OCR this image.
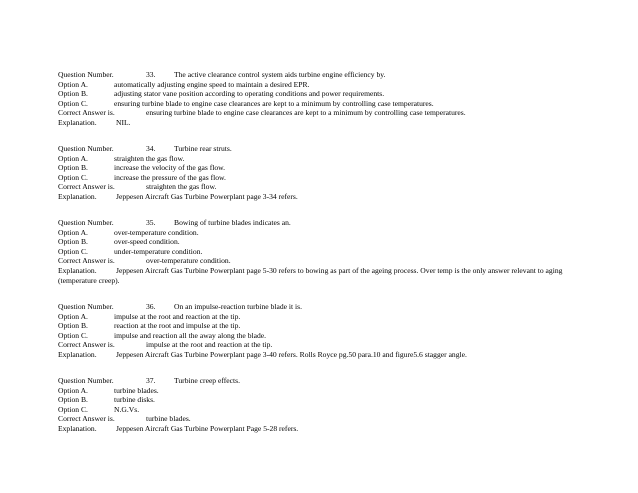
Question Number.	33. The active clearance control system aids turbine engine efficiency by.
Option A.	automatically adjusting engine speed to maintain a desired EPR.
Option B.	adjusting stator vane position according to operating conditions and power requirements.
Option C.	ensuring turbine blade to engine case clearances are kept to a minimum by controlling case temperatures.
Correct Answer is.	ensuring turbine blade to engine case clearances are kept to a minimum by controlling case temperatures.
Explanation.	NIL.
Question Number.	34. Turbine rear struts.
Option A.	straighten the gas flow.
Option B.	increase the velocity of the gas flow.
Option C.	increase the pressure of the gas flow.
Correct Answer is.	straighten the gas flow.
Explanation.	Jeppesen Aircraft Gas Turbine Powerplant page 3-34 refers.
Question Number.	35. Bowing of turbine blades indicates an.
Option A.	over-temperature condition.
Option B.	over-speed condition.
Option C.	under-temperature condition.
Correct Answer is.	over-temperature condition.
Explanation.	Jeppesen Aircraft Gas Turbine Powerplant page 5-30 refers to bowing as part of the ageing process. Over temp is the only answer relevant to aging (temperature creep).
Question Number.	36. On an impulse-reaction turbine blade it is.
Option A.	impulse at the root and reaction at the tip.
Option B.	reaction at the root and impulse at the tip.
Option C.	impulse and reaction all the away along the blade.
Correct Answer is.	impulse at the root and reaction at the tip.
Explanation.	Jeppesen Aircraft Gas Turbine Powerplant page 3-40 refers. Rolls Royce pg.50 para.10 and figure5.6 stagger angle.
Question Number.	37. Turbine creep effects.
Option A.	turbine blades.
Option B.	turbine disks.
Option C.	N.G.Vs.
Correct Answer is.	turbine blades.
Explanation.	Jeppesen Aircraft Gas Turbine Powerplant Page 5-28 refers.
